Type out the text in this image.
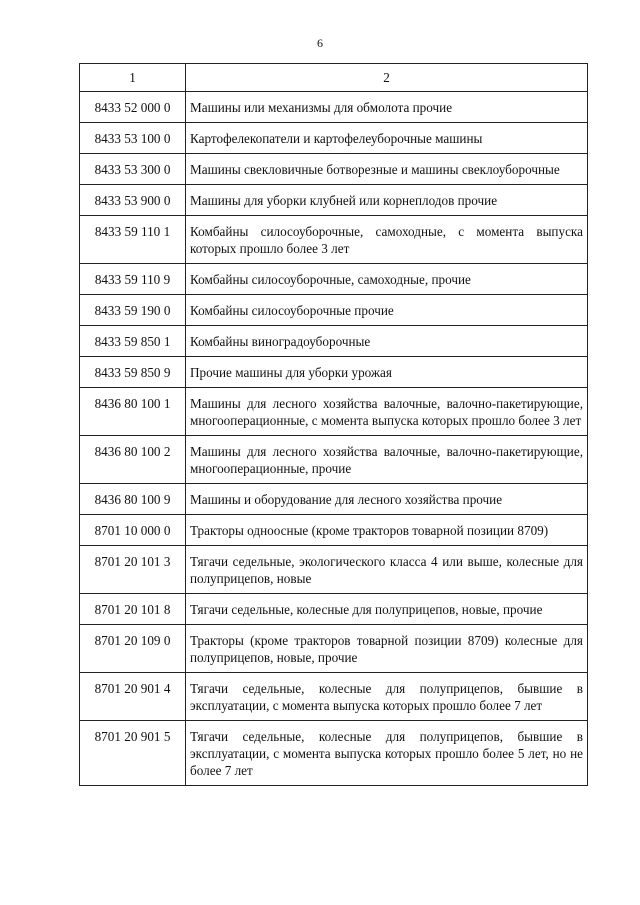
6
1	2
8433 52 000 0	Машины или механизмы для обмолота прочие
8433 53 100 0	Картофелекопатели и картофелеуборочные машины
8433 53 300 0	Машины свекловичные ботворезные и машины свеклоуборочные
8433 53 900 0	Машины для уборки клубней или корнеплодов прочие
8433 59 110 1	Комбайны силосоуборочные, самоходные, с момента выпуска которых прошло более 3 лет
8433 59 110 9	Комбайны силосоуборочные, самоходные, прочие
8433 59 190 0	Комбайны силосоуборочные прочие
8433 59 850 1	Комбайны виноградоуборочные
8433 59 850 9	Прочие машины для уборки урожая
8436 80 100 1	Машины для лесного хозяйства валочные, валочно-пакетирующие, многооперационные, с момента выпуска которых прошло более 3 лет
8436 80 100 2	Машины для лесного хозяйства валочные, валочно-пакетирующие, многооперационные, прочие
8436 80 100 9	Машины и оборудование для лесного хозяйства прочие
8701 10 000 0	Тракторы одноосные (кроме тракторов товарной позиции 8709)
8701 20 101 3	Тягачи седельные, экологического класса 4 или выше, колесные для полуприцепов, новые
8701 20 101 8	Тягачи седельные, колесные для полуприцепов, новые, прочие
8701 20 109 0	Тракторы (кроме тракторов товарной позиции 8709) колесные для полуприцепов, новые, прочие
8701 20 901 4	Тягачи седельные, колесные для полуприцепов, бывшие в эксплуатации, с момента выпуска которых прошло более 7 лет
8701 20 901 5	Тягачи седельные, колесные для полуприцепов, бывшие в эксплуатации, с момента выпуска которых прошло более 5 лет, но не более 7 лет
